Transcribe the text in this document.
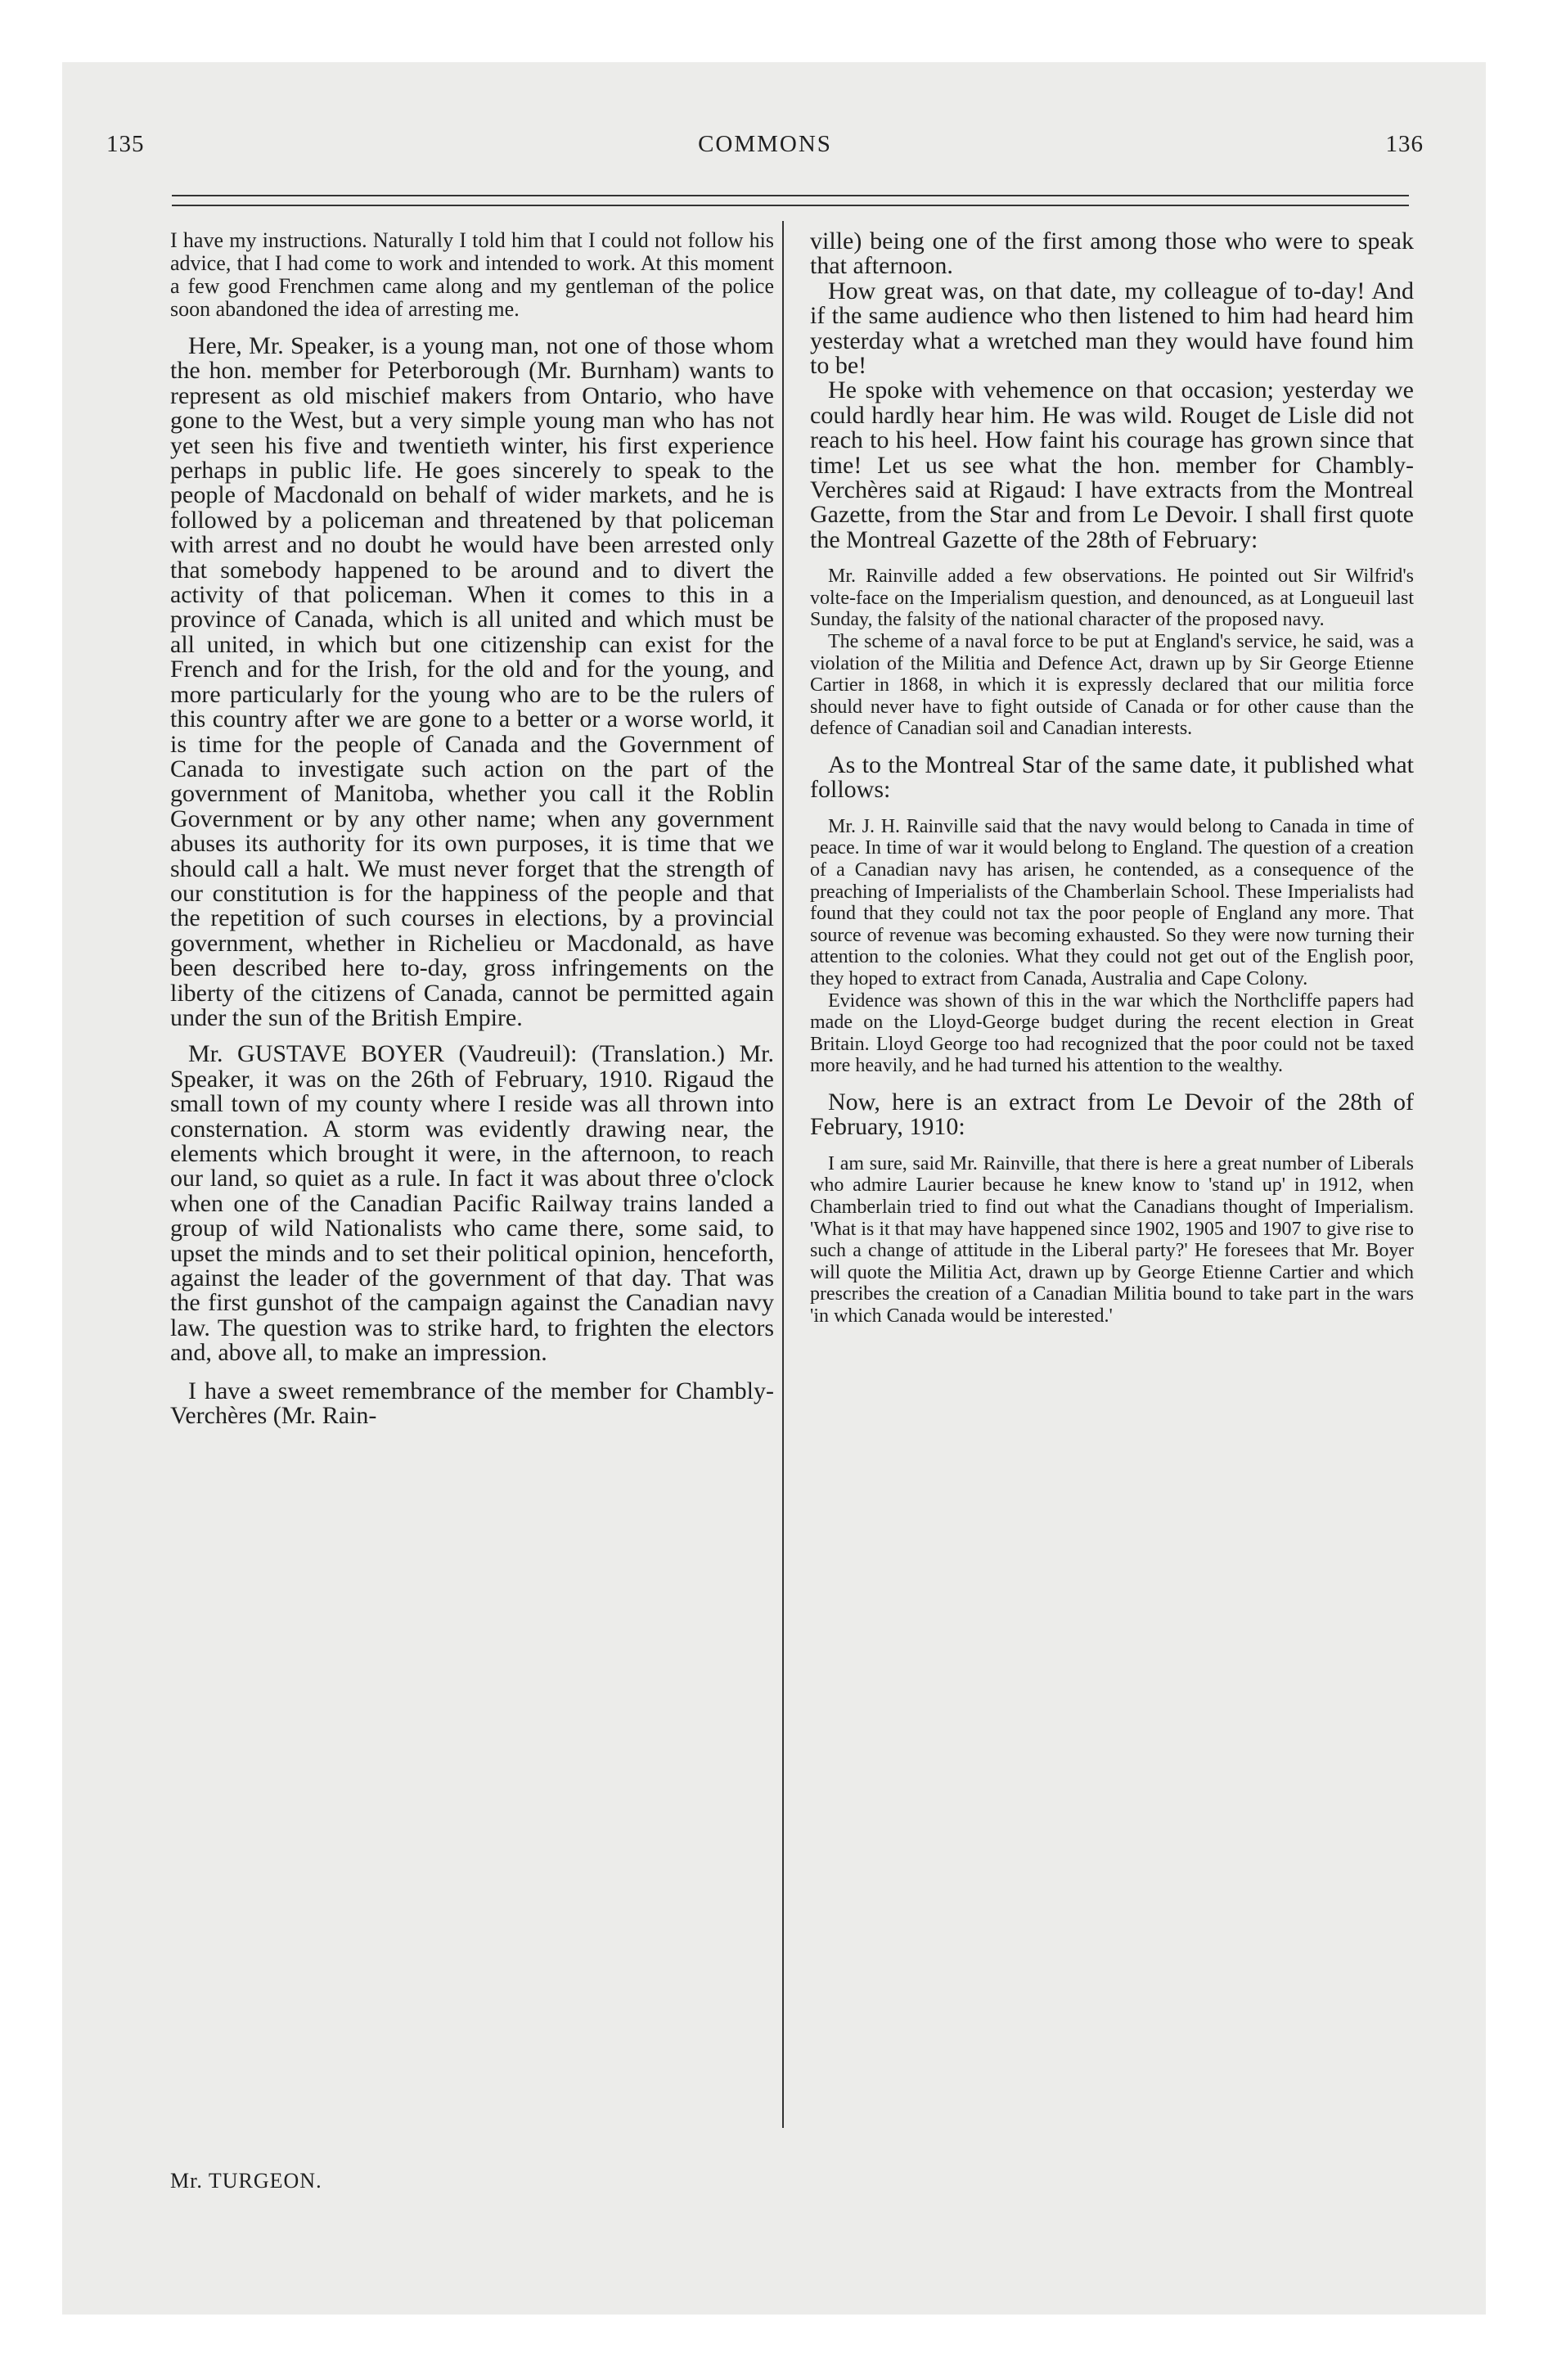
135	COMMONS	136

I have my instructions. Naturally I told him that I could not follow his advice, that I had come to work and intended to work. At this moment a few good Frenchmen came along and my gentleman of the police soon abandoned the idea of arresting me.

Here, Mr. Speaker, is a young man, not one of those whom the hon. member for Peterborough (Mr. Burnham) wants to represent as old mischief makers from Ontario, who have gone to the West, but a very simple young man who has not yet seen his five and twentieth winter, his first experience perhaps in public life. He goes sincerely to speak to the people of Macdonald on behalf of wider markets, and he is followed by a policeman and threatened by that policeman with arrest and no doubt he would have been arrested only that somebody happened to be around and to divert the activity of that policeman. When it comes to this in a province of Canada, which is all united and which must be all united, in which but one citizenship can exist for the French and for the Irish, for the old and for the young, and more particularly for the young who are to be the rulers of this country after we are gone to a better or a worse world, it is time for the people of Canada and the Government of Canada to investigate such action on the part of the government of Manitoba, whether you call it the Roblin Government or by any other name; when any government abuses its authority for its own purposes, it is time that we should call a halt. We must never forget that the strength of our constitution is for the happiness of the people and that the repetition of such courses in elections, by a provincial government, whether in Richelieu or Macdonald, as have been described here to-day, gross infringements on the liberty of the citizens of Canada, cannot be permitted again under the sun of the British Empire.

Mr. GUSTAVE BOYER (Vaudreuil): (Translation.) Mr. Speaker, it was on the 26th of February, 1910. Rigaud the small town of my county where I reside was all thrown into consternation. A storm was evidently drawing near, the elements which brought it were, in the afternoon, to reach our land, so quiet as a rule. In fact it was about three o'clock when one of the Canadian Pacific Railway trains landed a group of wild Nationalists who came there, some said, to upset the minds and to set their political opinion, henceforth, against the leader of the government of that day. That was the first gunshot of the campaign against the Canadian navy law. The question was to strike hard, to frighten the electors and, above all, to make an impression.

I have a sweet remembrance of the member for Chambly-Verchères (Mr. Rain-

ville) being one of the first among those who were to speak that afternoon.

How great was, on that date, my colleague of to-day! And if the same audience who then listened to him had heard him yesterday what a wretched man they would have found him to be!

He spoke with vehemence on that occasion; yesterday we could hardly hear him. He was wild. Rouget de Lisle did not reach to his heel. How faint his courage has grown since that time! Let us see what the hon. member for Chambly-Verchères said at Rigaud: I have extracts from the Montreal Gazette, from the Star and from Le Devoir. I shall first quote the Montreal Gazette of the 28th of February:

Mr. Rainville added a few observations. He pointed out Sir Wilfrid's volte-face on the Imperialism question, and denounced, as at Longueuil last Sunday, the falsity of the national character of the proposed navy.

The scheme of a naval force to be put at England's service, he said, was a violation of the Militia and Defence Act, drawn up by Sir George Etienne Cartier in 1868, in which it is expressly declared that our militia force should never have to fight outside of Canada or for other cause than the defence of Canadian soil and Canadian interests.

As to the Montreal Star of the same date, it published what follows:

Mr. J. H. Rainville said that the navy would belong to Canada in time of peace. In time of war it would belong to England. The question of a creation of a Canadian navy has arisen, he contended, as a consequence of the preaching of Imperialists of the Chamberlain School. These Imperialists had found that they could not tax the poor people of England any more. That source of revenue was becoming exhausted. So they were now turning their attention to the colonies. What they could not get out of the English poor, they hoped to extract from Canada, Australia and Cape Colony.

Evidence was shown of this in the war which the Northcliffe papers had made on the Lloyd-George budget during the recent election in Great Britain. Lloyd George too had recognized that the poor could not be taxed more heavily, and he had turned his attention to the wealthy.

Now, here is an extract from Le Devoir of the 28th of February, 1910:

I am sure, said Mr. Rainville, that there is here a great number of Liberals who admire Laurier because he knew know to 'stand up' in 1912, when Chamberlain tried to find out what the Canadians thought of Imperialism. 'What is it that may have happened since 1902, 1905 and 1907 to give rise to such a change of attitude in the Liberal party?' He foresees that Mr. Boyer will quote the Militia Act, drawn up by George Etienne Cartier and which prescribes the creation of a Canadian Militia bound to take part in the wars 'in which Canada would be interested.'

Mr. TURGEON.
